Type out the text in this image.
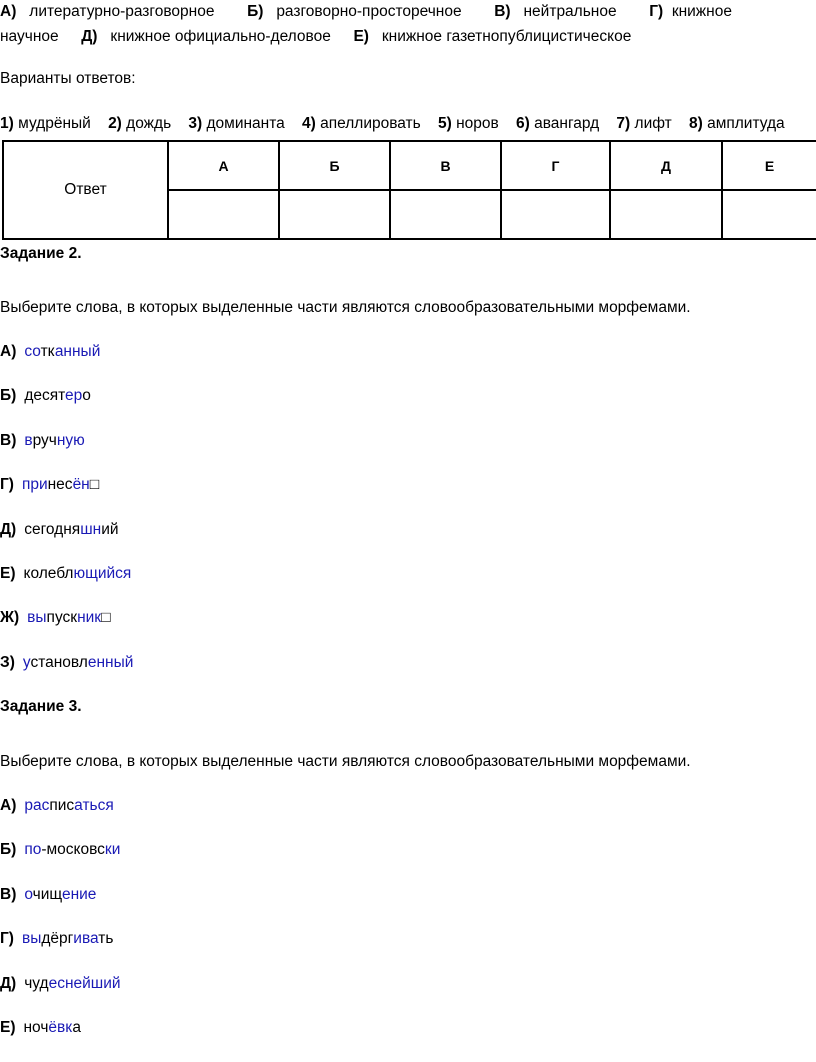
А) литературно-разговорное Б) разговорно-просторечное В) нейтральное Г) книжное
научное Д) книжное официально-деловое Е) книжное газетнопублицистическое
Варианты ответов:
1) мудрёный 2) дождь 3) доминанта 4) апеллировать 5) норов 6) авангард 7) лифт 8) амплитуда
Ответ	А	Б	В	Г	Д	Е

Задание 2.
Выберите слова, в которых выделенные части являются словообразовательными морфемами.
А) сотканный
Б) десятеро
В) вручную
Г) принесён□
Д) сегодняшний
Е) колеблющийся
Ж) выпускник□
З) установленный
Задание 3.
Выберите слова, в которых выделенные части являются словообразовательными морфемами.
А) расписаться
Б) по-московски
В) очищение
Г) выдёргивать
Д) чудеснейший
Е) ночёвка
